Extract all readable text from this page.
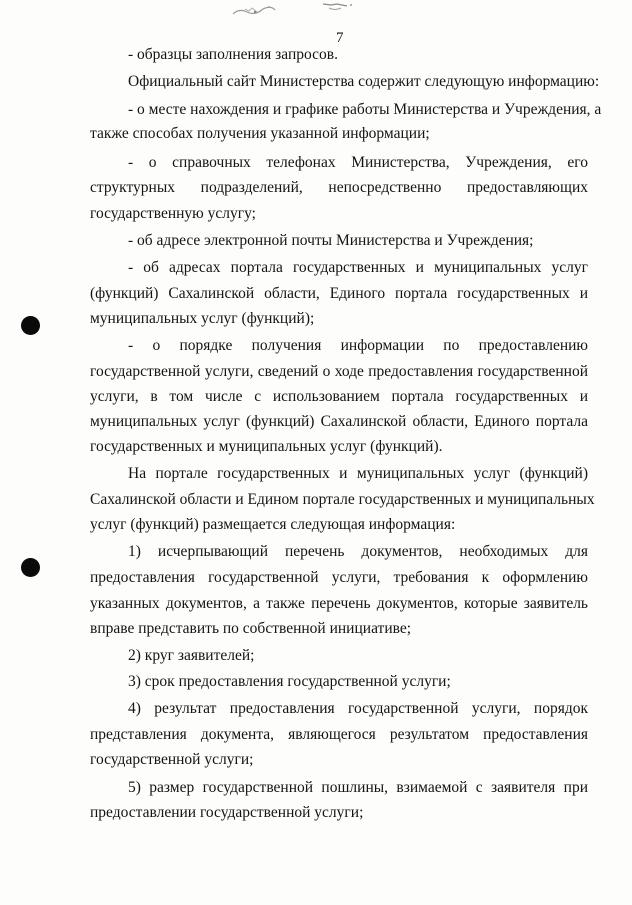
7
- образцы заполнения запросов.
Официальный сайт Министерства содержит следующую информацию:
- о месте нахождения и графике работы Министерства и Учреждения, а
также способах получения указанной информации;
- о справочных телефонах Министерства, Учреждения, его
структурных подразделений, непосредственно предоставляющих
государственную услугу;
- об адресе электронной почты Министерства и Учреждения;
- об адресах портала государственных и муниципальных услуг
(функций) Сахалинской области, Единого портала государственных и
муниципальных услуг (функций);
- о порядке получения информации по предоставлению
государственной услуги, сведений о ходе предоставления государственной
услуги, в том числе с использованием портала государственных и
муниципальных услуг (функций) Сахалинской области, Единого портала
государственных и муниципальных услуг (функций).
На портале государственных и муниципальных услуг (функций)
Сахалинской области и Едином портале государственных и муниципальных
услуг (функций) размещается следующая информация:
1) исчерпывающий перечень документов, необходимых для
предоставления государственной услуги, требования к оформлению
указанных документов, а также перечень документов, которые заявитель
вправе представить по собственной инициативе;
2) круг заявителей;
3) срок предоставления государственной услуги;
4) результат предоставления государственной услуги, порядок
представления документа, являющегося результатом предоставления
государственной услуги;
5) размер государственной пошлины, взимаемой с заявителя при
предоставлении государственной услуги;
